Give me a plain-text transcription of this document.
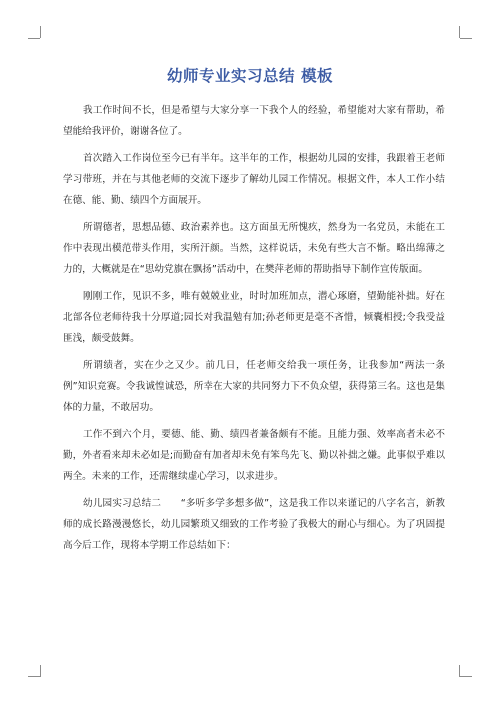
幼师专业实习总结 模板

我工作时间不长，但是希望与大家分享一下我个人的经验，希望能对大家有帮助，希望能给我评价，谢谢各位了。

首次踏入工作岗位至今已有半年。这半年的工作，根据幼儿园的安排，我跟着王老师学习带班，并在与其他老师的交流下逐步了解幼儿园工作情况。根据文件，本人工作小结在德、能、勤、绩四个方面展开。

所谓德者，思想品德、政治素养也。这方面虽无所愧疚，然身为一名党员，未能在工作中表现出模范带头作用，实所汗颜。当然，这样说话，未免有些大言不惭。略出绵薄之力的，大概就是在“思幼党旗在飘扬”活动中，在樊萍老师的帮助指导下制作宣传版面。

刚刚工作，见识不多，唯有兢兢业业，时时加班加点，潜心琢磨，望勤能补拙。好在北部各位老师待我十分厚道;园长对我温勉有加;孙老师更是毫不吝惜，倾囊相授;令我受益匪浅，颇受鼓舞。

所谓绩者，实在少之又少。前几日，任老师交给我一项任务，让我参加“两法一条例”知识竞赛。令我诚惶诚恐，所幸在大家的共同努力下不负众望，获得第三名。这也是集体的力量，不敢居功。

工作不到六个月，要德、能、勤、绩四者兼备颇有不能。且能力强、效率高者未必不勤，外者看来却未必如是;而勤奋有加者却未免有笨鸟先飞、勤以补拙之嫌。此事似乎难以两全。未来的工作，还需继续虚心学习，以求进步。

幼儿园实习总结二　　“多听多学多想多做”，这是我工作以来谨记的八字名言，新教师的成长路漫漫悠长，幼儿园繁琐又细致的工作考验了我极大的耐心与细心。为了巩固提高今后工作，现将本学期工作总结如下：
